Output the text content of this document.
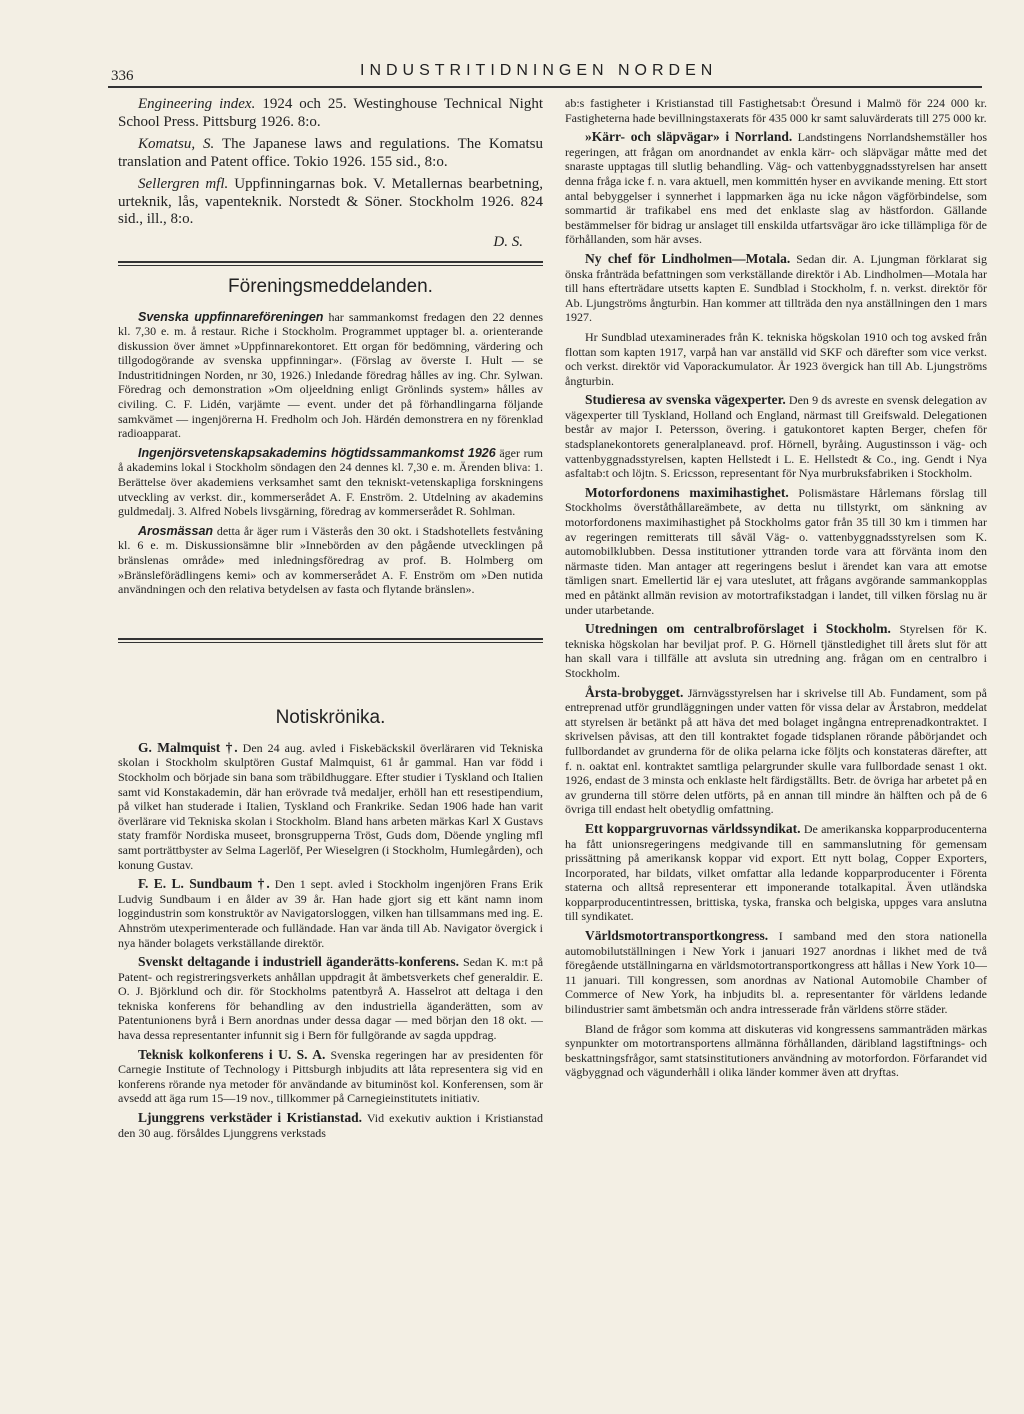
336	INDUSTRITIDNINGEN NORDEN

Engineering index. 1924 och 25. Westinghouse Technical Night School Press. Pittsburg 1926. 8:o.

Komatsu, S. The Japanese laws and regulations. The Komatsu translation and Patent office. Tokio 1926. 155 sid., 8:o.

Sellergren mfl. Uppfinningarnas bok. V. Metallernas bearbetning, urteknik, lås, vapenteknik. Norstedt & Söner. Stockholm 1926. 824 sid., ill., 8:o.

D. S.
Föreningsmeddelanden.

Svenska uppfinnareföreningen har sammankomst fredagen den 22 dennes kl. 7,30 e. m. å restaur. Riche i Stockholm. Programmet upptager bl. a. orienterande diskussion över ämnet »Uppfinnarekontoret. Ett organ för bedömning, värdering och tillgodogörande av svenska uppfinningar». (Förslag av överste I. Hult — se Industritidningen Norden, nr 30, 1926.) Inledande föredrag hålles av ing. Chr. Sylwan. Föredrag och demonstration »Om oljeeldning enligt Grönlinds system» hålles av civiling. C. F. Lidén, varjämte — event. under det på förhandlingarna följande samkvämet — ingenjörerna H. Fredholm och Joh. Härdén demonstrera en ny förenklad radioapparat.

Ingenjörsvetenskapsakademins högtidssammankomst 1926 äger rum å akademins lokal i Stockholm söndagen den 24 dennes kl. 7,30 e. m. Ärenden bliva: 1. Berättelse över akademiens verksamhet samt den tekniskt-vetenskapliga forskningens utveckling av verkst. dir., kommerserådet A. F. Enström. 2. Utdelning av akademins guldmedalj. 3. Alfred Nobels livsgärning, föredrag av kommerserådet R. Sohlman.

Arosmässan detta år äger rum i Västerås den 30 okt. i Stadshotellets festvåning kl. 6 e. m. Diskussionsämne blir »Innebörden av den pågående utvecklingen på bränslenas område» med inledningsföredrag av prof. B. Holmberg om »Bränsleförädlingens kemi» och av kommerserådet A. F. Enström om »Den nutida användningen och den relativa betydelsen av fasta och flytande bränslen».

Notiskrönika.

G. Malmquist †. Den 24 aug. avled i Fiskebäckskil överläraren vid Tekniska skolan i Stockholm skulptören Gustaf Malmquist, 61 år gammal. Han var född i Stockholm och började sin bana som träbildhuggare. Efter studier i Tyskland och Italien samt vid Konstakademin, där han erövrade två medaljer, erhöll han ett resestipendium, på vilket han studerade i Italien, Tyskland och Frankrike. Sedan 1906 hade han varit överlärare vid Tekniska skolan i Stockholm. Bland hans arbeten märkas Karl X Gustavs staty framför Nordiska museet, bronsgrupperna Tröst, Guds dom, Döende yngling mfl samt porträttbyster av Selma Lagerlöf, Per Wieselgren (i Stockholm, Humlegården), och konung Gustav.

F. E. L. Sundbaum †. Den 1 sept. avled i Stockholm ingenjören Frans Erik Ludvig Sundbaum i en ålder av 39 år. Han hade gjort sig ett känt namn inom loggindustrin som konstruktör av Navigatorsloggen, vilken han tillsammans med ing. E. Ahnström utexperimenterade och fulländade. Han var ända till Ab. Navigator övergick i nya händer bolagets verkställande direktör.

Svenskt deltagande i industriell äganderätts-konferens. Sedan K. m:t på Patent- och registreringsverkets anhållan uppdragit åt ämbetsverkets chef generaldir. E. O. J. Björklund och dir. för Stockholms patentbyrå A. Hasselrot att deltaga i den tekniska konferens för behandling av den industriella äganderätten, som av Patentunionens byrå i Bern anordnas under dessa dagar — med början den 18 okt. — hava dessa representanter infunnit sig i Bern för fullgörande av sagda uppdrag.

Teknisk kolkonferens i U. S. A. Svenska regeringen har av presidenten för Carnegie Institute of Technology i Pittsburgh inbjudits att låta representera sig vid en konferens rörande nya metoder för användande av bituminöst kol. Konferensen, som är avsedd att äga rum 15—19 nov., tillkommer på Carnegieinstitutets initiativ.

Ljunggrens verkstäder i Kristianstad. Vid exekutiv auktion i Kristianstad den 30 aug. försåldes Ljunggrens verkstads

ab:s fastigheter i Kristianstad till Fastighetsab:t Öresund i Malmö för 224 000 kr. Fastigheterna hade bevillningstaxerats för 435 000 kr samt saluvärderats till 275 000 kr.

»Kärr- och släpvägar» i Norrland. Landstingens Norrlandshemställer hos regeringen, att frågan om anordnandet av enkla kärr- och släpvägar måtte med det snaraste upptagas till slutlig behandling. Väg- och vattenbyggnadsstyrelsen har ansett denna fråga icke f. n. vara aktuell, men kommittén hyser en avvikande mening. Ett stort antal bebyggelser i synnerhet i lappmarken äga nu icke någon vägförbindelse, som sommartid är trafikabel ens med det enklaste slag av hästfordon. Gällande bestämmelser för bidrag ur anslaget till enskilda utfartsvägar äro icke tillämpliga för de förhållanden, som här avses.

Ny chef för Lindholmen—Motala. Sedan dir. A. Ljungman förklarat sig önska frånträda befattningen som verkställande direktör i Ab. Lindholmen—Motala har till hans efterträdare utsetts kapten E. Sundblad i Stockholm, f. n. verkst. direktör för Ab. Ljungströms ångturbin. Han kommer att tillträda den nya anställningen den 1 mars 1927.

Hr Sundblad utexaminerades från K. tekniska högskolan 1910 och tog avsked från flottan som kapten 1917, varpå han var anställd vid SKF och därefter som vice verkst. och verkst. direktör vid Vaporackumulator. År 1923 övergick han till Ab. Ljungströms ångturbin.

Studieresa av svenska vägexperter. Den 9 ds avreste en svensk delegation av vägexperter till Tyskland, Holland och England, närmast till Greifswald. Delegationen består av major I. Petersson, övering. i gatukontoret kapten Berger, chefen för stadsplanekontorets generalplaneavd. prof. Hörnell, byråing. Augustinsson i väg- och vattenbyggnadsstyrelsen, kapten Hellstedt i L. E. Hellstedt & Co., ing. Gendt i Nya asfaltab:t och löjtn. S. Ericsson, representant för Nya murbruksfabriken i Stockholm.

Motorfordonens maximihastighet. Polismästare Hårlemans förslag till Stockholms överståthållareämbete, av detta nu tillstyrkt, om sänkning av motorfordonens maximihastighet på Stockholms gator från 35 till 30 km i timmen har av regeringen remitterats till såväl Väg- o. vattenbyggnadsstyrelsen som K. automobilklubben. Dessa institutioner yttranden torde vara att förvänta inom den närmaste tiden. Man antager att regeringens beslut i ärendet kan vara att emotse tämligen snart. Emellertid lär ej vara uteslutet, att frågans avgörande sammankopplas med en påtänkt allmän revision av motortrafikstadgan i landet, till vilken förslag nu är under utarbetande.

Utredningen om centralbroförslaget i Stockholm. Styrelsen för K. tekniska högskolan har beviljat prof. P. G. Hörnell tjänstledighet till årets slut för att han skall vara i tillfälle att avsluta sin utredning ang. frågan om en centralbro i Stockholm.

Årsta-brobygget. Järnvägsstyrelsen har i skrivelse till Ab. Fundament, som på entreprenad utför grundläggningen under vatten för vissa delar av Årstabron, meddelat att styrelsen är betänkt på att häva det med bolaget ingångna entreprenadkontraktet. I skrivelsen påvisas, att den till kontraktet fogade tidsplanen rörande påbörjandet och fullbordandet av grunderna för de olika pelarna icke följts och konstateras därefter, att f. n. oaktat enl. kontraktet samtliga pelargrunder skulle vara fullbordade senast 1 okt. 1926, endast de 3 minsta och enklaste helt färdigställts. Betr. de övriga har arbetet på en av grunderna till större delen utförts, på en annan till mindre än hälften och på de 6 övriga till endast helt obetydlig omfattning.

Ett koppargruvornas världssyndikat. De amerikanska kopparproducenterna ha fått unionsregeringens medgivande till en sammanslutning för gemensam prissättning på amerikansk koppar vid export. Ett nytt bolag, Copper Exporters, Incorporated, har bildats, vilket omfattar alla ledande kopparproducenter i Förenta staterna och alltså representerar ett imponerande totalkapital. Även utländska kopparproducentintressen, brittiska, tyska, franska och belgiska, uppges vara anslutna till syndikatet.

Världsmotortransportkongress. I samband med den stora nationella automobilutställningen i New York i januari 1927 anordnas i likhet med de två föregående utställningarna en världsmotortransportkongress att hållas i New York 10—11 januari. Till kongressen, som anordnas av National Automobile Chamber of Commerce of New York, ha inbjudits bl. a. representanter för världens ledande bilindustrier samt ämbetsmän och andra intresserade från världens större städer.

Bland de frågor som komma att diskuteras vid kongressens sammanträden märkas synpunkter om motortransportens allmänna förhållanden, däribland lagstiftnings- och beskattningsfrågor, samt statsinstitutioners användning av motorfordon. Förfarandet vid vägbyggnad och vägunderhåll i olika länder kommer även att dryftas.
